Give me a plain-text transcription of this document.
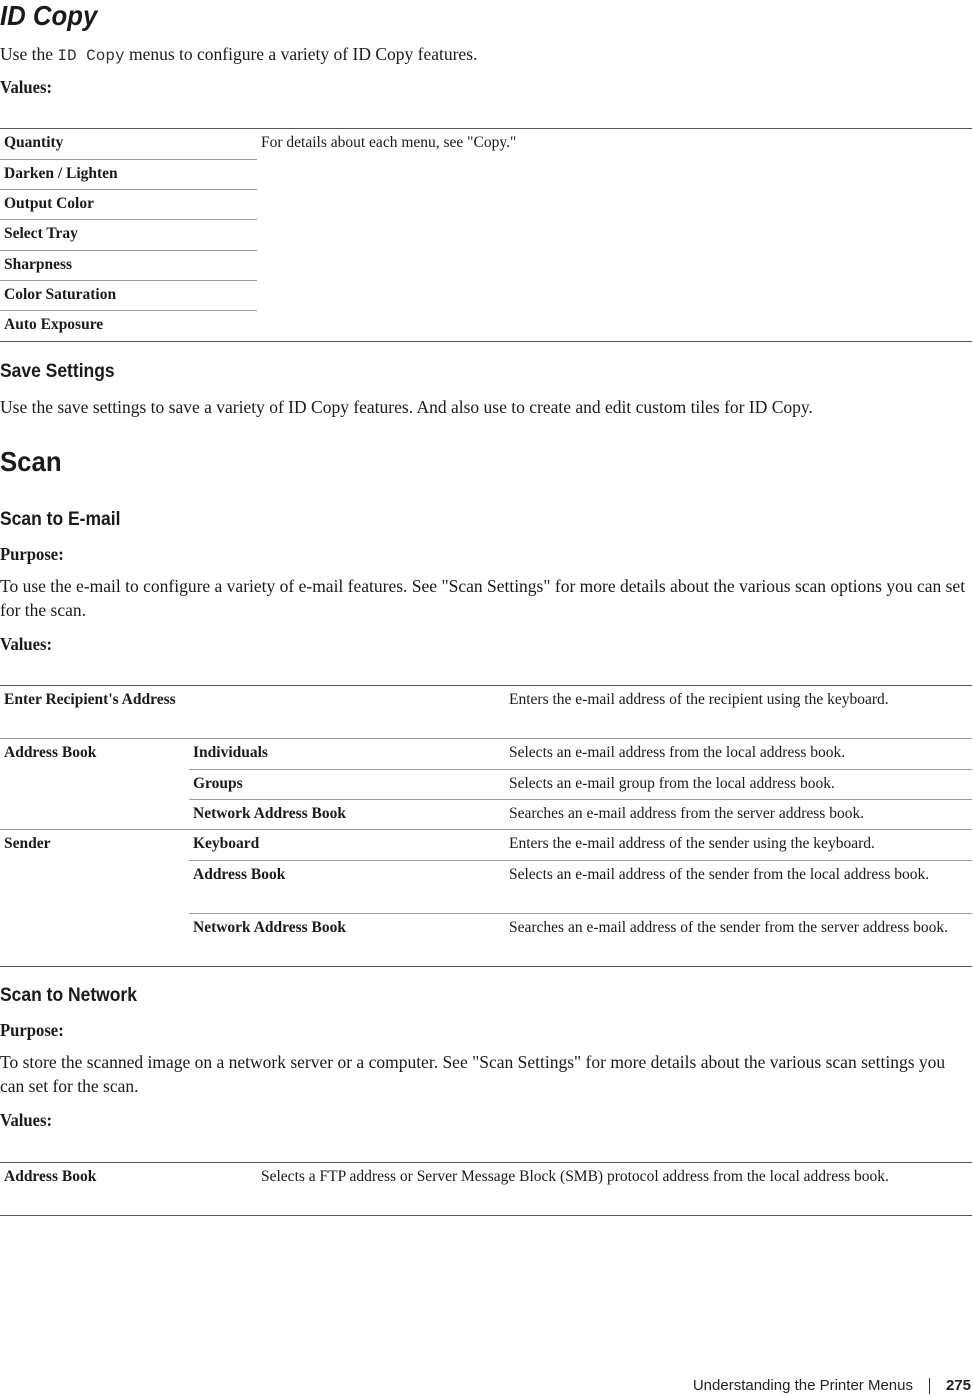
ID Copy

Use the ID Copy menus to configure a variety of ID Copy features.

Values:

Quantity	For details about each menu, see "Copy."
Darken / Lighten
Output Color
Select Tray
Sharpness
Color Saturation
Auto Exposure
Save Settings

Use the save settings to save a variety of ID Copy features. And also use to create and edit custom tiles for ID Copy.

Scan
Scan to E-mail

Purpose:

To use the e-mail to configure a variety of e-mail features. See "Scan Settings" for more details about the various scan options you can set for the scan.

Values:

Enter Recipient's Address		Enters the e-mail address of the recipient using the keyboard.
Address Book	Individuals	Selects an e-mail address from the local address book.
	Groups	Selects an e-mail group from the local address book.
	Network Address Book	Searches an e-mail address from the server address book.
Sender	Keyboard	Enters the e-mail address of the sender using the keyboard.
	Address Book	Selects an e-mail address of the sender from the local address book.
	Network Address Book	Searches an e-mail address of the sender from the server address book.
Scan to Network

Purpose:

To store the scanned image on a network server or a computer. See "Scan Settings" for more details about the various scan settings you can set for the scan.

Values:

Address Book	Selects a FTP address or Server Message Block (SMB) protocol address from the local address book.
Understanding the Printer Menus 275
